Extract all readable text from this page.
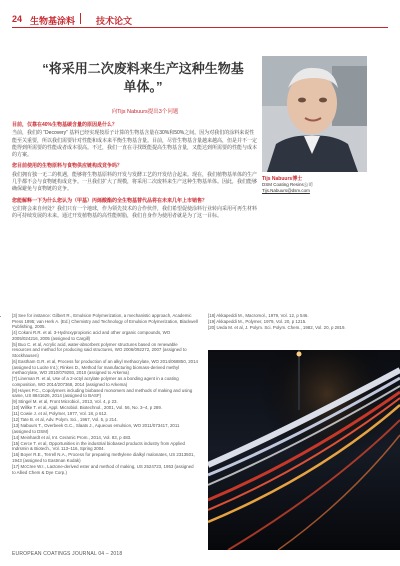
24 生物基涂料 技术论文
“将采用二次废料来生产这种生物基单体。”
向Tijs Nabuurs提出3个问题
Tijs Nabuurs博士
DSM Coating Resins公司
Tijs.Nabuurs@dsm.com
目前，仅靠在40%生物基碳含量的原因是什么？
当前，我们的 “Decovery” 基料已经实现按原子计算的生物基含量在30%和50%之间。因为对我们的涂料来说性能至关重要，所以我们需要针对性能和成本来平衡生物基含量。目前，尽管生物基含量越来越高，但是并不一定能得到所需要的性能或者成本很高。不过，我们一直在寻找既能提高生物基含量，又能达到所需要的性能与成本的方案。
您目前使用的生物原料与食物供应链构成竞争吗？
我们拥有独一无二的机遇，能够将生物基原料的开发与发酵工艺的开发结合起来。现在，我们植物基单体的生产几乎都不会与食物链构成竞争。一旦我们扩大了规模，将采用二次废料来生产这种生物基单体。因此，我们能够确保避免与食物链的竞争。
您能解释一下为什么您认为（甲基）丙烯酸酯的全生物基替代品将在未来几年上市销售？
它们将会来自何处？我们只有一个地球，作为领先技术的合作伙伴，我们希望促使涂料行业转向采用可再生材料的可持续发展的未来。通过开发植物基的高性能树脂，我们自身作为使用者就是为了这一目标。
[3] See for instance: Gilbert R., Emulsion Polymerization, a mechanistic approach, Academic Press 1995; van Herk A. (Ed.) Chemistry and Technology of Emulsion Polymerization, Blackwell Publishing, 2005.
[4] Cokani R.R. et al. 3-Hydroxypropionic acid and other organic compounds, WO 2005/024216, 2005 (assigned to Cargill)
[5] Buo C. et al, Acrylic acid, water-absorbent polymer structures based on renewable resources and method for producing said structures, WO 2006/092272, 2007 (assigned to Stockhausen)
[6] Eastham G.R. et al, Process for production of an alkyl methacrylate, WO 2014/068850, 2014 (assigned to Lucite Int.); Rinkes D., Method for manufacturing biomass-derived methyl methacrylate, WO 2010/079293, 2010 (assigned to Arkema)
[7] Lineman R. et al, Use of a 2-octyl acrylate polymer as a bonding agent in a coating composition, WO 2014/207368, 2014 (assigned to Arkema)
[8] Hayes P.C., Copolymers including biobased monomers and methods of making and using same, US 8841626, 2014 (assigned to BASF)
[9] Stingel M. et al, Front Microbiol., 2013, Vol. 4, p 23.
[10] Willke T. et al, Appl. Microbiol. Biotechnol., 2001, Vol. 56, No. 3–4, p 289.
[11] Cowie J. et al, Polymer, 1977, Vol. 18, p 612.
[12] Tate B. et al, Adv. Polym. Sci., 1967, Vol. 5, p 214.
[13] Nabuurs T., Overbeek G.C., Slaats J., Aqueous emulsion, WO 2011/073417, 2011 (assigned to DSM)
[14] Meinhardt et al, Int. Ceramic Prom., 2014, Vol. 83, p 483.
[15] Cerce T. et al, Opportunities in the industrial biobased products industry from Applied Indrsmin & Biotech., Vol. 113–116, Spring 2004.
[16] Boyer R.E., Terrell N.A., Process for preparing methylene dialkyl malonates, US 2313501, 1943 (assigned to Eastman Kodak)
[17] McCree W.I., Lactone-derived ester and method of making, US 2524723, 1953 (assigned to Allied Chem & Dye Corp.)
[18] Akkapeddi M., Macromol., 1979, Vol. 12, p 546.
[19] Akkapeddi M., Polymer, 1979, Vol. 20, p 1215.
[20] Ueda M. et al, J. Polym. Sci. Polym. Chem., 1982, Vol. 20, p 2819.
EUROPEAN COATINGS JOURNAL 04 – 2018
